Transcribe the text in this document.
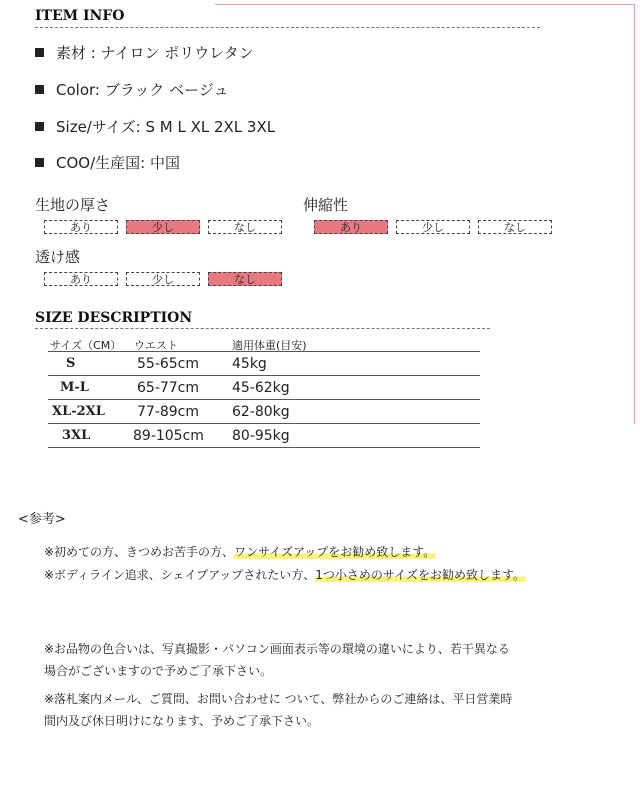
ITEM INFO
素材 : ナイロン ポリウレタン
Color: ブラック ベージュ
Size/サイズ: S M L XL 2XL 3XL
COO/生産国: 中国
生地の厚さ
あり	少し	なし
伸縮性
あり	少し	なし
透け感
あり	少し	なし
SIZE DESCRIPTION
サイズ（CM） ウエスト	適用体重(目安)
S	55-65cm 45kg
M-L	65-77cm 45-62kg
XL-2XL 77-89cm 62-80kg
3XL	89-105cm 80-95kg
<参考>
※初めての方、きつめお苦手の方、ワンサイズアップをお勧め致します。
※ボディライン追求、シェイプアップされたい方、1つ小さめのサイズをお勧め致します。
※お品物の色合いは、写真撮影・パソコン画面表示等の環境の違いにより、若干異なる
場合がございますので予めご了承下さい。
※落札案内メール、ご質問、お問い合わせに ついて、弊社からのご連絡は、平日営業時
間内及び休日明けになります、予めご了承下さい。
